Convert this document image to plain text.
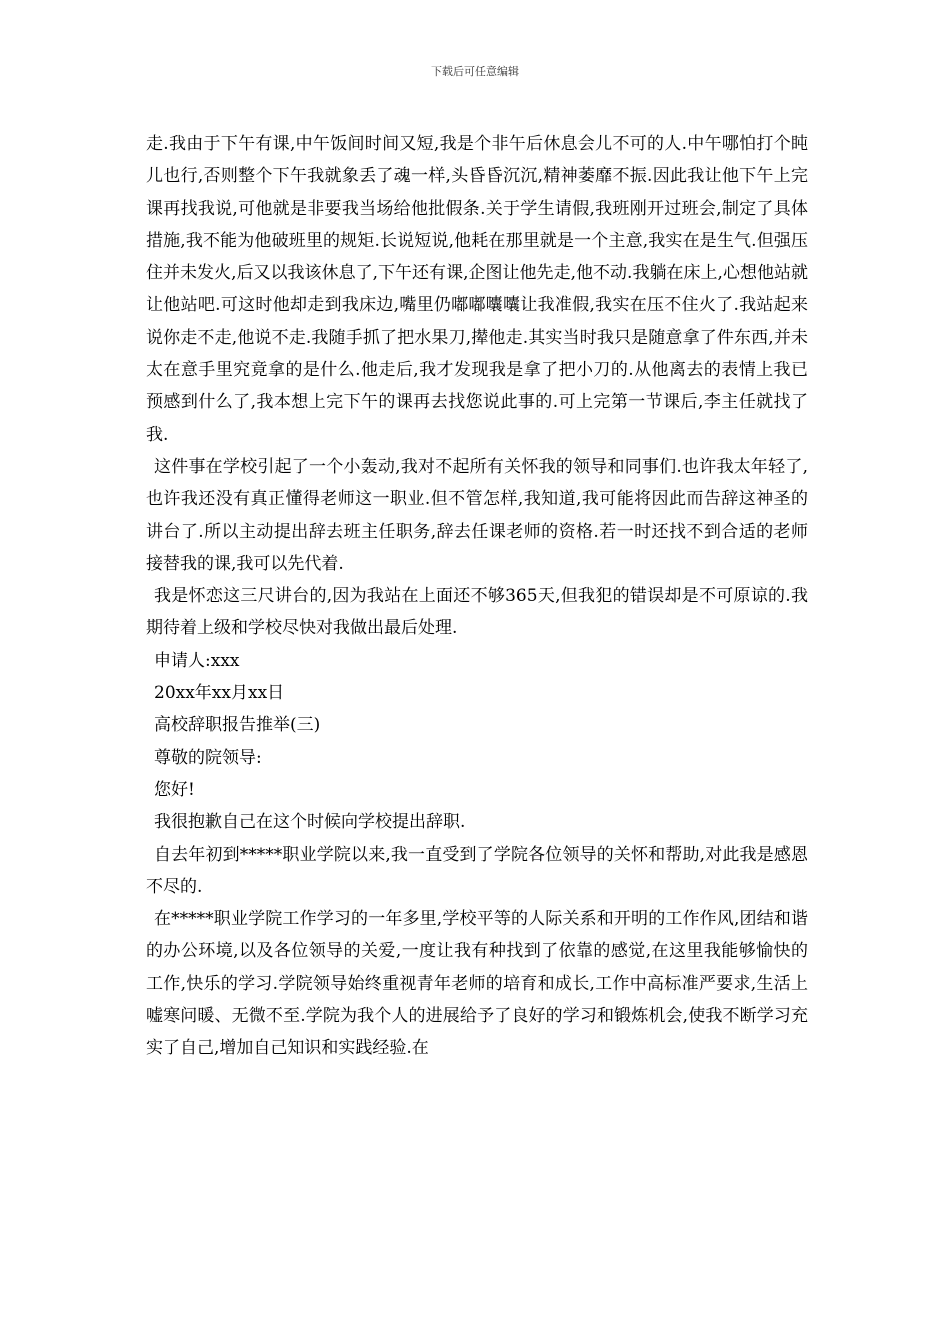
下载后可任意编辑

走.我由于下午有课,中午饭间时间又短,我是个非午后休息会儿不可的人.中午哪怕打个盹儿也行,否则整个下午我就象丢了魂一样,头昏昏沉沉,精神萎靡不振.因此我让他下午上完课再找我说,可他就是非要我当场给他批假条.关于学生请假,我班刚开过班会,制定了具体措施,我不能为他破班里的规矩.长说短说,他耗在那里就是一个主意,我实在是生气.但强压住并未发火,后又以我该休息了,下午还有课,企图让他先走,他不动.我躺在床上,心想他站就让他站吧.可这时他却走到我床边,嘴里仍嘟嘟囔囔让我准假,我实在压不住火了.我站起来说你走不走,他说不走.我随手抓了把水果刀,撵他走.其实当时我只是随意拿了件东西,并未太在意手里究竟拿的是什么.他走后,我才发现我是拿了把小刀的.从他离去的表情上我已预感到什么了,我本想上完下午的课再去找您说此事的.可上完第一节课后,李主任就找了我.

这件事在学校引起了一个小轰动,我对不起所有关怀我的领导和同事们.也许我太年轻了,也许我还没有真正懂得老师这一职业.但不管怎样,我知道,我可能将因此而告辞这神圣的讲台了.所以主动提出辞去班主任职务,辞去任课老师的资格.若一时还找不到合适的老师接替我的课,我可以先代着.

我是怀恋这三尺讲台的,因为我站在上面还不够365天,但我犯的错误却是不可原谅的.我期待着上级和学校尽快对我做出最后处理.

申请人:xxx

20xx年xx月xx日

高校辞职报告推举(三)

尊敬的院领导:

您好!

我很抱歉自己在这个时候向学校提出辞职.

自去年初到*****职业学院以来,我一直受到了学院各位领导的关怀和帮助,对此我是感恩不尽的.

在*****职业学院工作学习的一年多里,学校平等的人际关系和开明的工作作风,团结和谐的办公环境,以及各位领导的关爱,一度让我有种找到了依靠的感觉,在这里我能够愉快的工作,快乐的学习.学院领导始终重视青年老师的培育和成长,工作中高标准严要求,生活上嘘寒问暖、无微不至.学院为我个人的进展给予了良好的学习和锻炼机会,使我不断学习充实了自己,增加自己知识和实践经验.在
